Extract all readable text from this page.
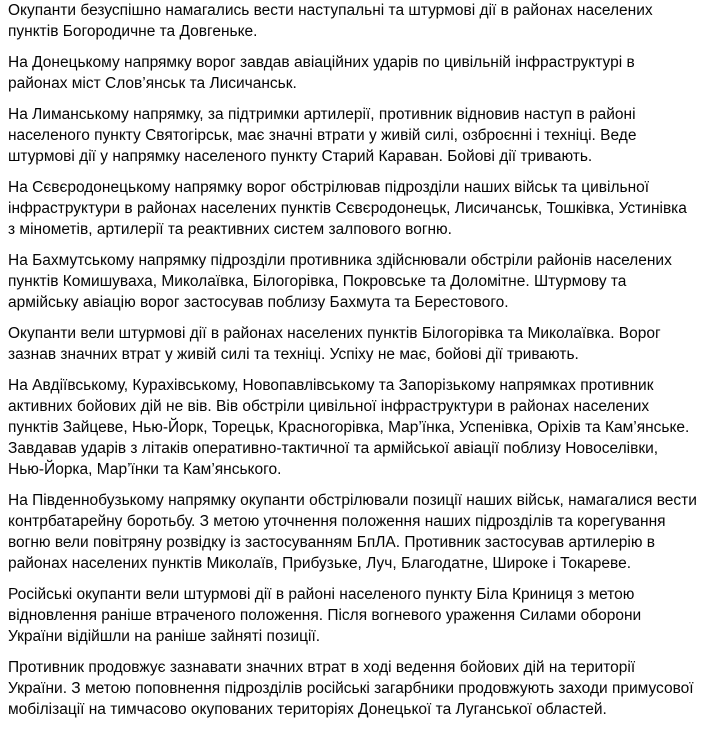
Окупанти безуспішно намагались вести наступальні та штурмові дії в районах населених пунктів Богородичне та Довгеньке.

На Донецькому напрямку ворог завдав авіаційних ударів по цивільній інфраструктурі в районах міст Слов’янськ та Лисичанськ.

На Лиманському напрямку, за підтримки артилерії, противник відновив наступ в районі населеного пункту Святогірськ, має значні втрати у живій силі, озброєнні і техніці. Веде штурмові дії у напрямку населеного пункту Старий Караван. Бойові дії тривають.

На Сєвєродонецькому напрямку ворог обстрілював підрозділи наших військ та цивільної інфраструктури в районах населених пунктів Сєвєродонецьк, Лисичанськ, Тошківка, Устинівка з мінометів, артилерії та реактивних систем залпового вогню.

На Бахмутському напрямку підрозділи противника здійснювали обстріли районів населених пунктів Комишуваха, Миколаївка, Білогорівка, Покровське та Доломітне. Штурмову та армійську авіацію ворог застосував поблизу Бахмута та Берестового.

Окупанти вели штурмові дії в районах населених пунктів Білогорівка та Миколаївка. Ворог зазнав значних втрат у живій силі та техніці. Успіху не має, бойові дії тривають.

На Авдіївському, Курахівському, Новопавлівському та Запорізькому напрямках противник активних бойових дій не вів. Вів обстріли цивільної інфраструктури в районах населених пунктів Зайцеве, Нью-Йорк, Торецьк, Красногорівка, Мар’їнка, Успенівка, Оріхів та Кам’янське. Завдавав ударів з літаків оперативно-тактичної та армійської авіації поблизу Новоселівки, Нью-Йорка, Мар’їнки та Кам’янського.

На Південнобузькому напрямку окупанти обстрілювали позиції наших військ, намагалися вести контрбатарейну боротьбу. З метою уточнення положення наших підрозділів та корегування вогню вели повітряну розвідку із застосуванням БпЛА. Противник застосував артилерію в районах населених пунктів Миколаїв, Прибузьке, Луч, Благодатне, Широке і Токареве.

Російські окупанти вели штурмові дії в районі населеного пункту Біла Криниця з метою відновлення раніше втраченого положення. Після вогневого ураження Силами оборони України відійшли на раніше зайняті позиції.

Противник продовжує зазнавати значних втрат в ході ведення бойових дій на території України. З метою поповнення підрозділів російські загарбники продовжують заходи примусової мобілізації на тимчасово окупованих територіях Донецької та Луганської областей.
